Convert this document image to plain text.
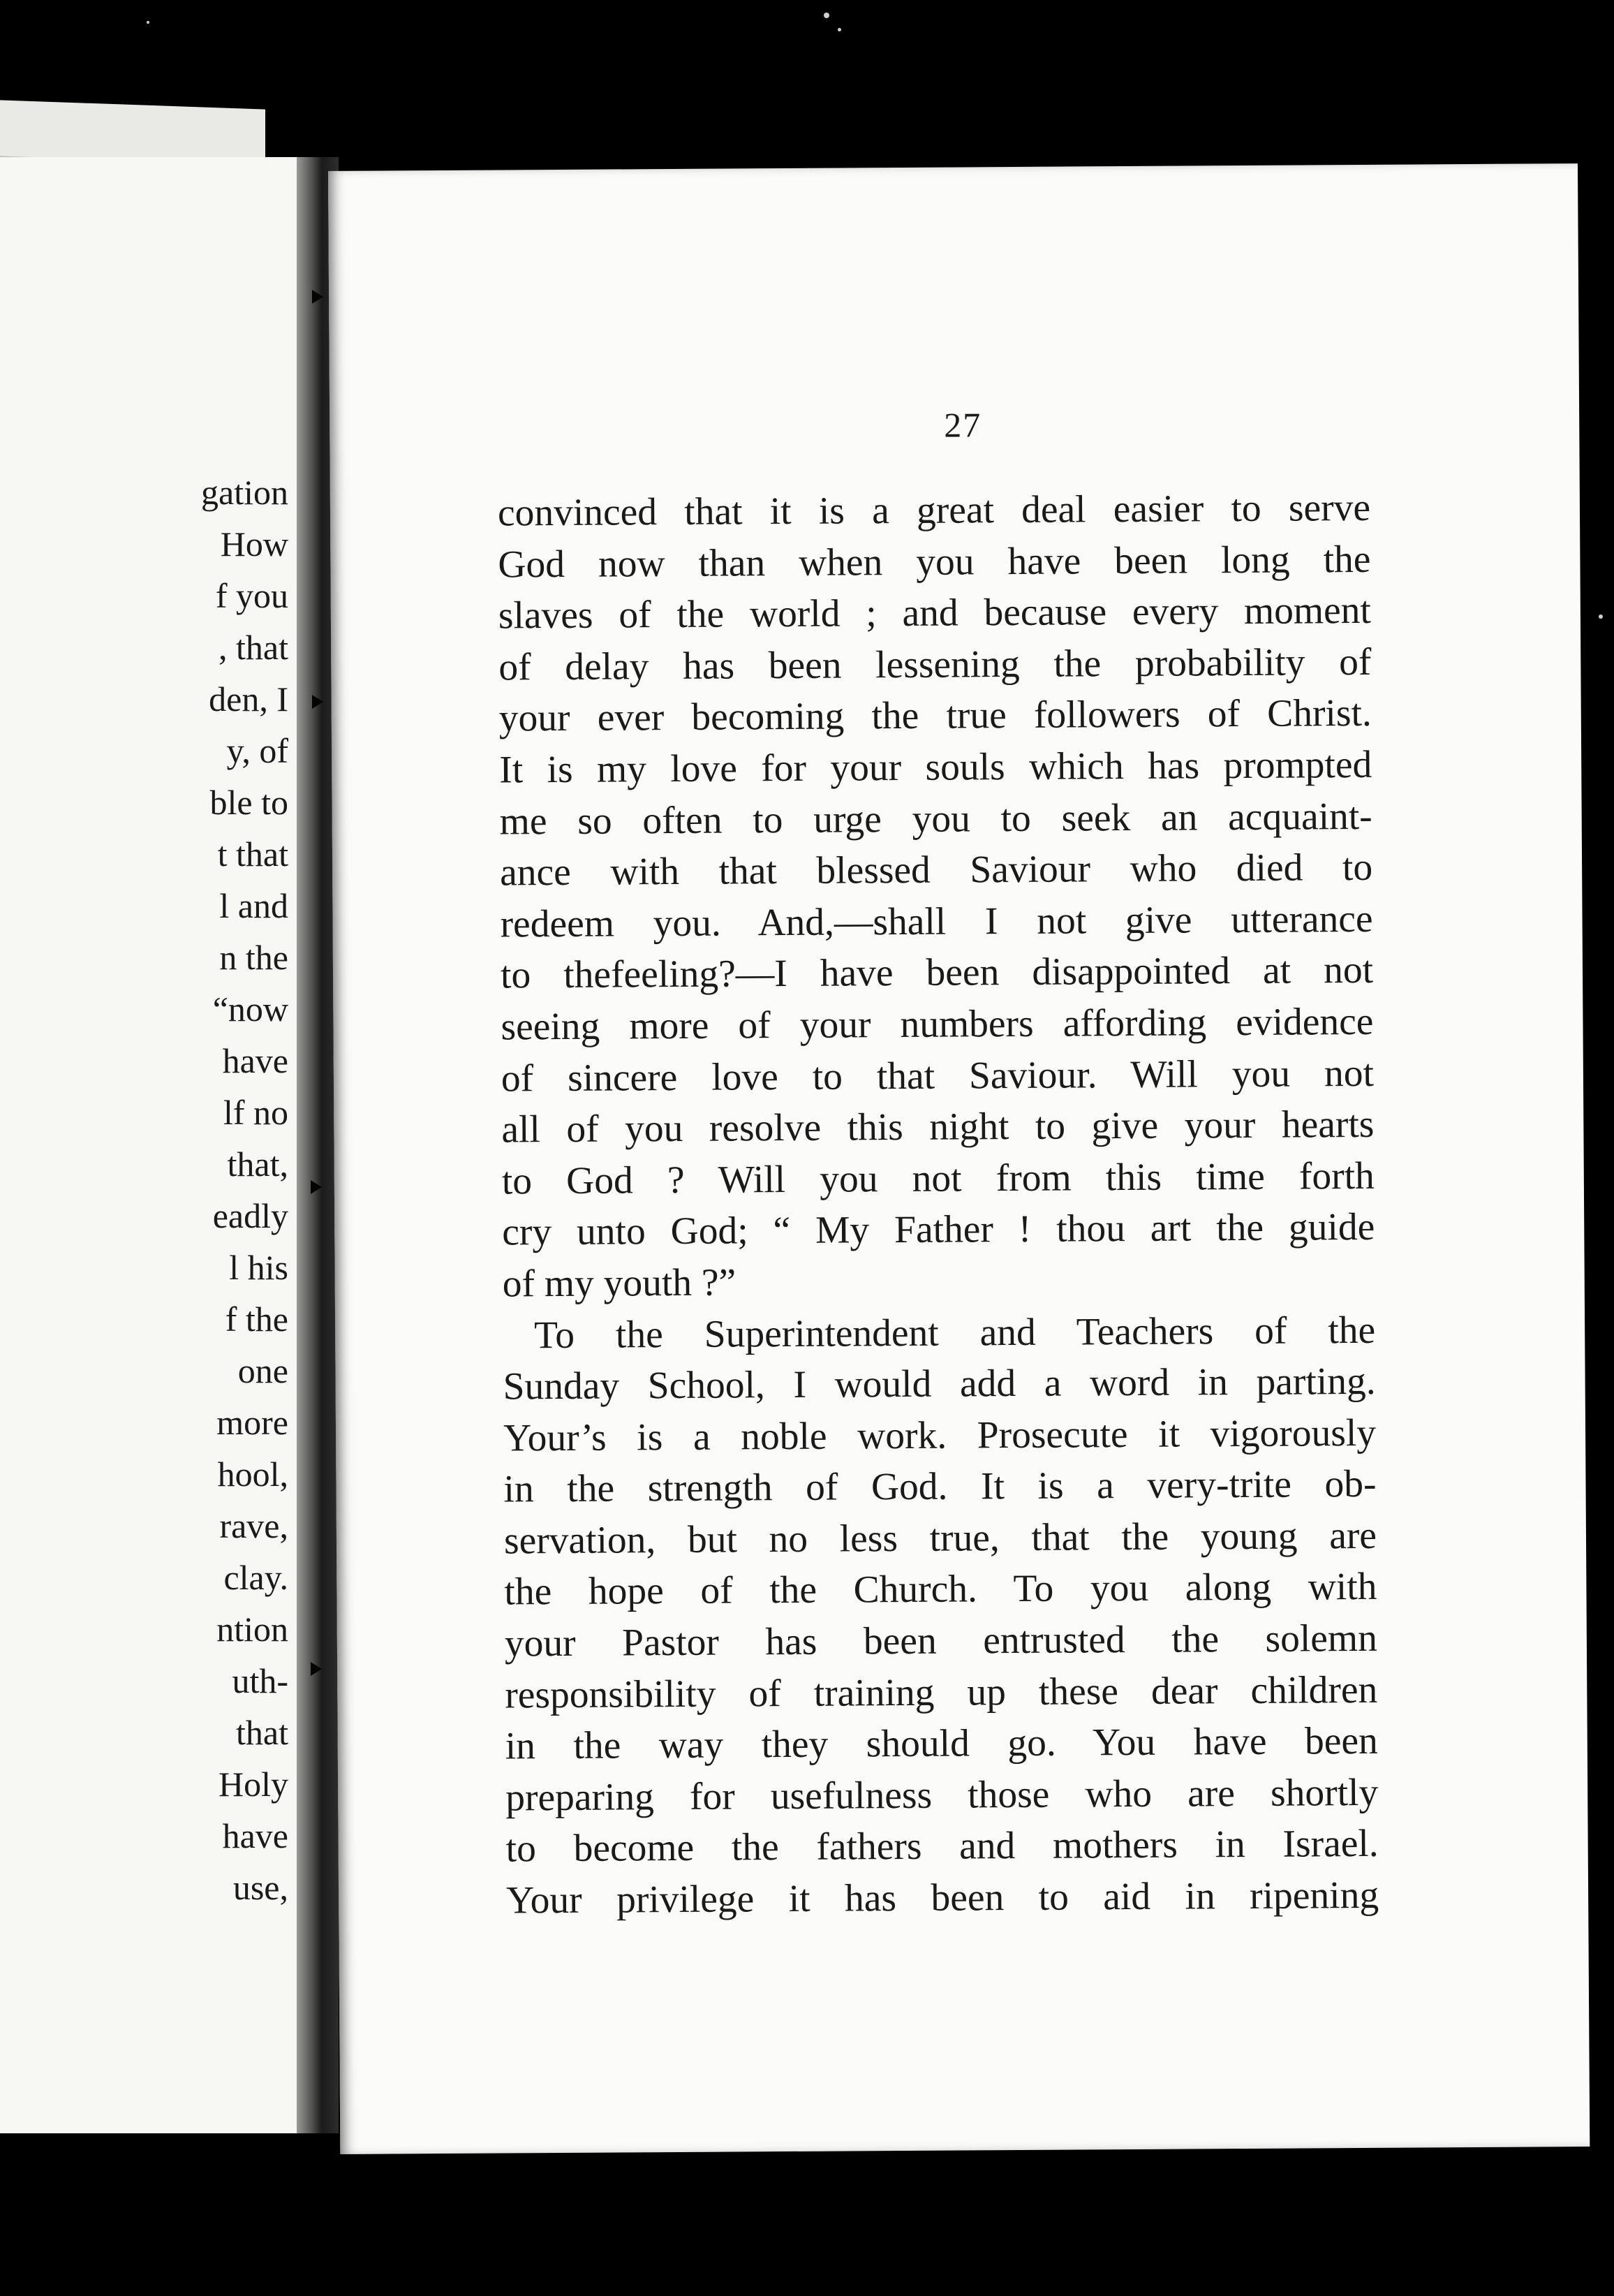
gation
How
f you
, that
den, I
y, of
ble to
t that
l and
n the
“now
have
lf no
that,
eadly
l his
f the
one
more
hool,
rave,
clay.
ntion
uth-
that
Holy
have
use,
27
convinced that it is a great deal easier to serve
God now than when you have been long the
slaves of the world ; and because every moment
of delay has been lessening the probability of
your ever becoming the true followers of Christ.
It is my love for your souls which has prompted
me so often to urge you to seek an acquaint-
ance with that blessed Saviour who died to
redeem you. And,—shall I not give utterance
to thefeeling?—I have been disappointed at not
seeing more of your numbers affording evidence
of sincere love to that Saviour. Will you not
all of you resolve this night to give your hearts
to God ? Will you not from this time forth
cry unto God; “ My Father ! thou art the guide
of my youth ?”
To the Superintendent and Teachers of the
Sunday School, I would add a word in parting.
Your’s is a noble work. Prosecute it vigorously
in the strength of God. It is a very-trite ob-
servation, but no less true, that the young are
the hope of the Church. To you along with
your Pastor has been entrusted the solemn
responsibility of training up these dear children
in the way they should go. You have been
preparing for usefulness those who are shortly
to become the fathers and mothers in Israel.
Your privilege it has been to aid in ripening
